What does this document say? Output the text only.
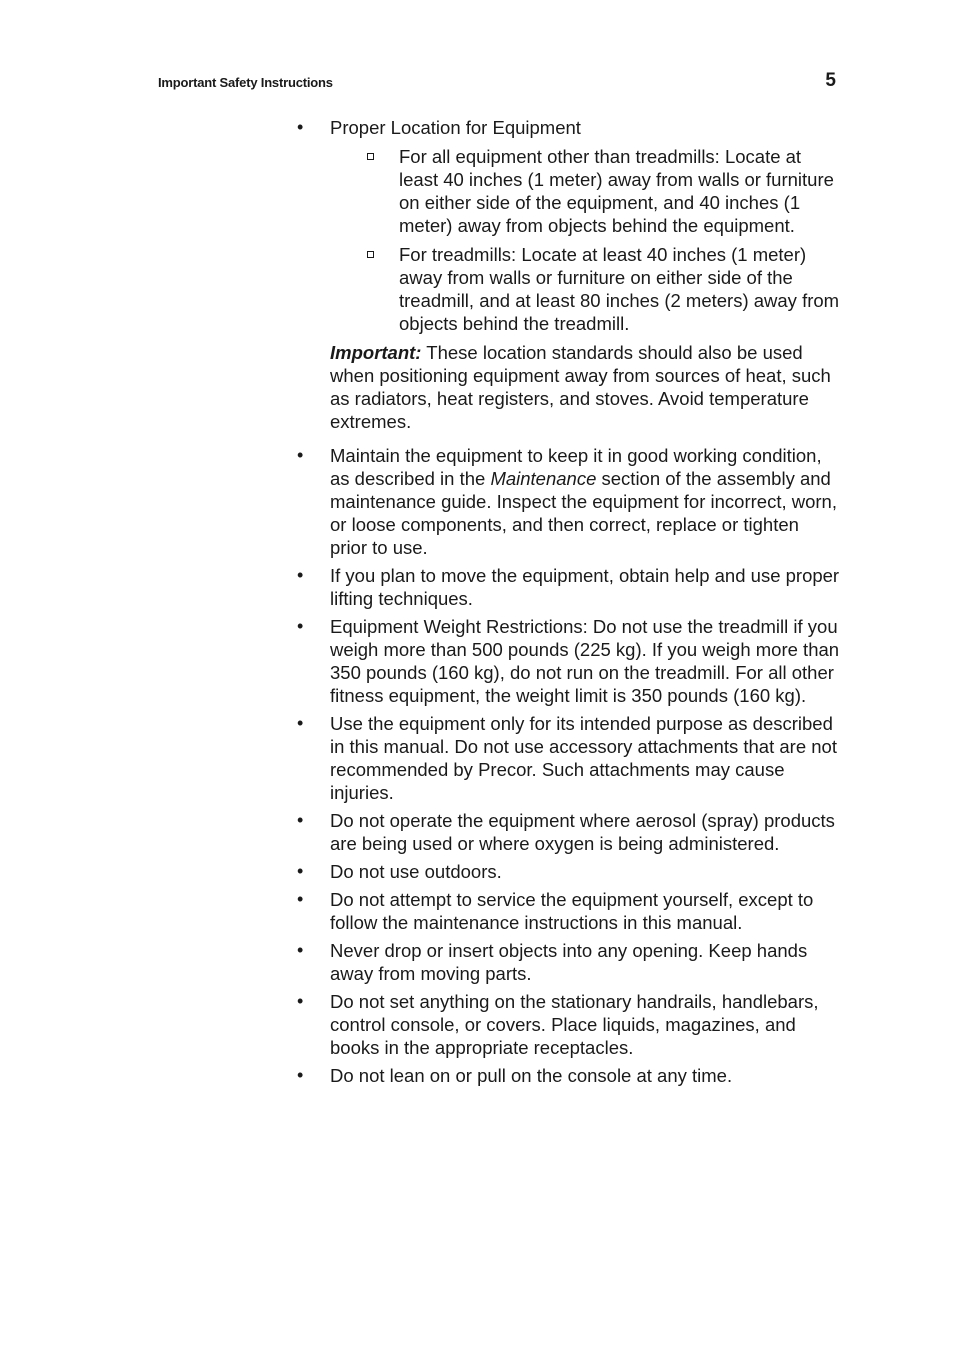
Important Safety Instructions	5
• Proper Location for Equipment
For all equipment other than treadmills: Locate at least 40 inches (1 meter) away from walls or furniture on either side of the equipment, and 40 inches (1 meter) away from objects behind the equipment.
For treadmills: Locate at least 40 inches (1 meter) away from walls or furniture on either side of the treadmill, and at least 80 inches (2 meters) away from objects behind the treadmill.
Important: These location standards should also be used when positioning equipment away from sources of heat, such as radiators, heat registers, and stoves. Avoid temperature extremes.
• Maintain the equipment to keep it in good working condition, as described in the Maintenance section of the assembly and maintenance guide. Inspect the equipment for incorrect, worn, or loose components, and then correct, replace or tighten prior to use.
• If you plan to move the equipment, obtain help and use proper lifting techniques.
• Equipment Weight Restrictions: Do not use the treadmill if you weigh more than 500 pounds (225 kg). If you weigh more than 350 pounds (160 kg), do not run on the treadmill. For all other fitness equipment, the weight limit is 350 pounds (160 kg).
• Use the equipment only for its intended purpose as described in this manual. Do not use accessory attachments that are not recommended by Precor. Such attachments may cause injuries.
• Do not operate the equipment where aerosol (spray) products are being used or where oxygen is being administered.
• Do not use outdoors.
• Do not attempt to service the equipment yourself, except to follow the maintenance instructions in this manual.
• Never drop or insert objects into any opening. Keep hands away from moving parts.
• Do not set anything on the stationary handrails, handlebars, control console, or covers. Place liquids, magazines, and books in the appropriate receptacles.
• Do not lean on or pull on the console at any time.
